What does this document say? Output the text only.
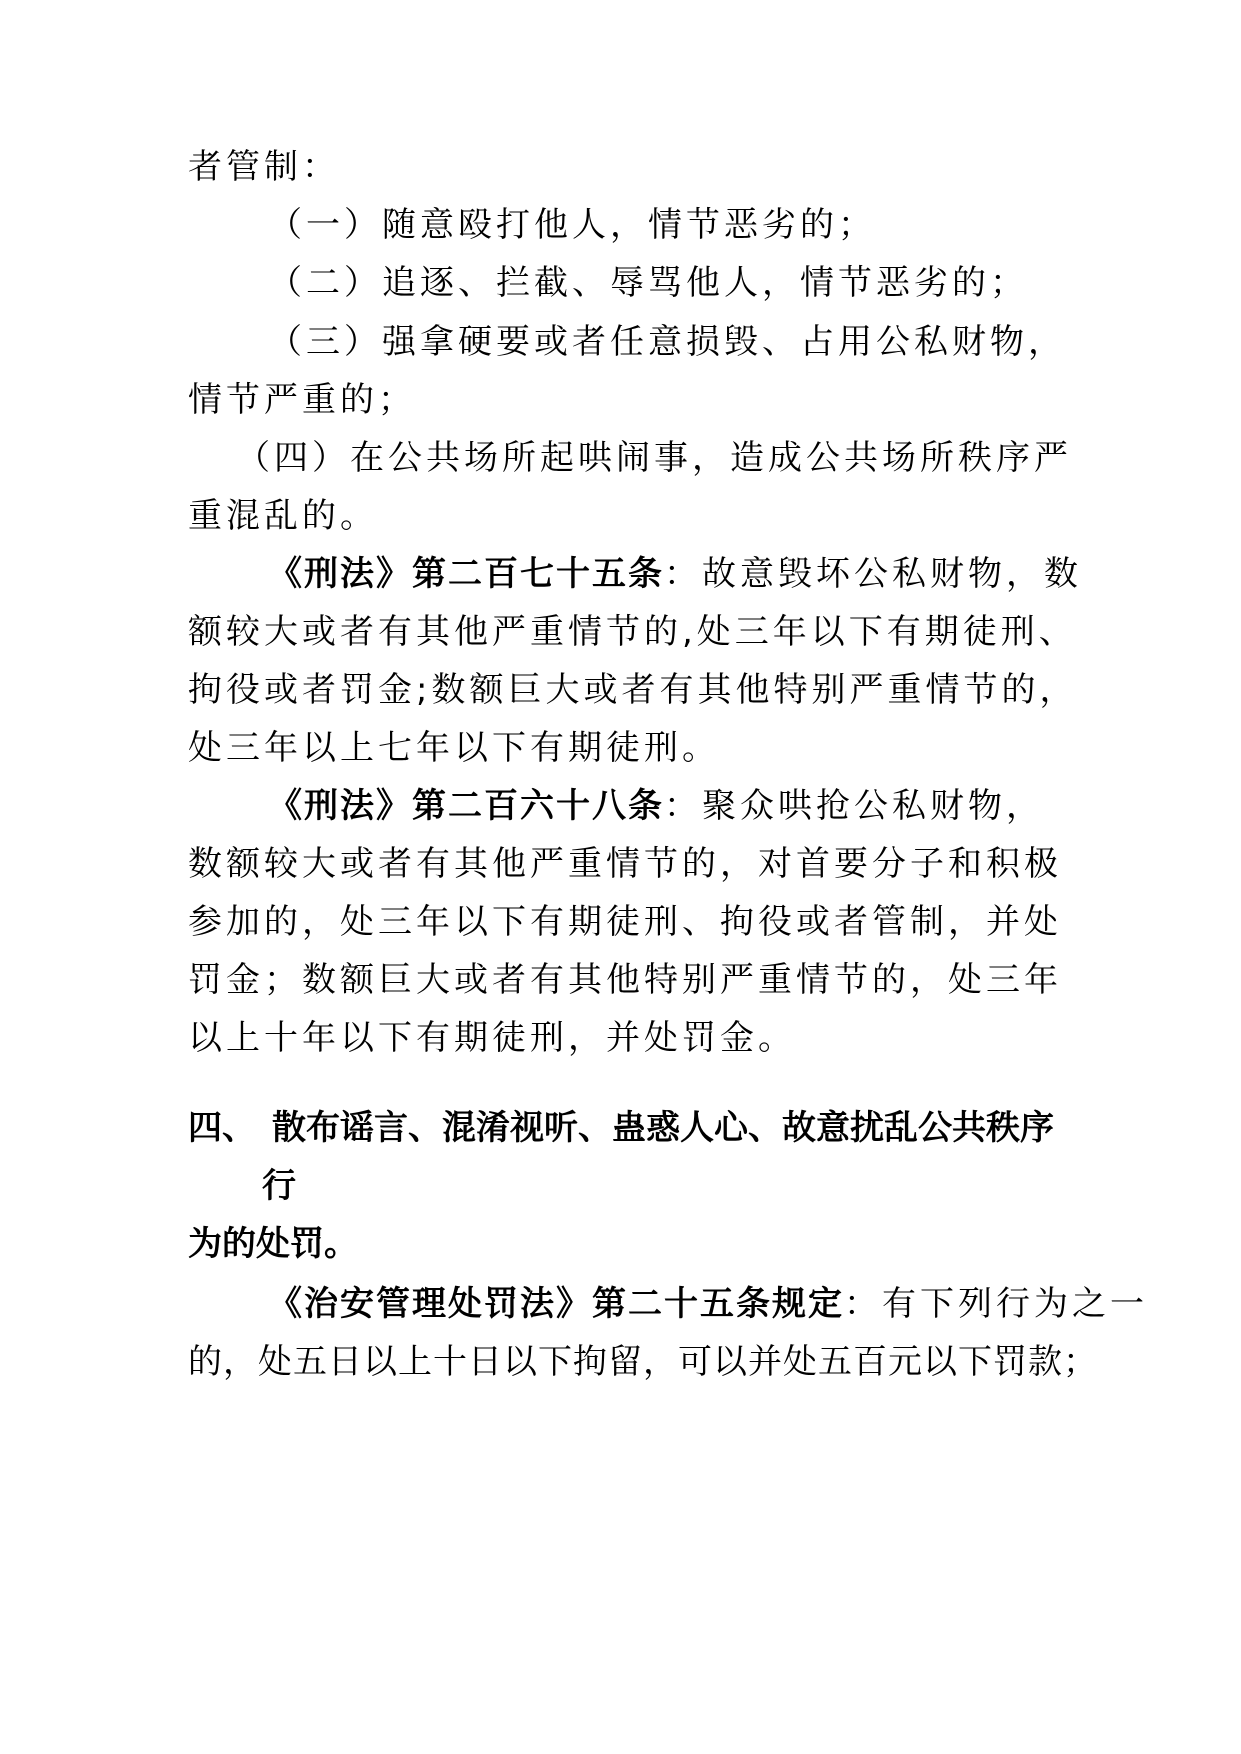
者管制：
（一）随意殴打他人，情节恶劣的；
（二）追逐、拦截、辱骂他人，情节恶劣的；
（三）强拿硬要或者任意损毁、占用公私财物，
情节严重的；
（四）在公共场所起哄闹事，造成公共场所秩序严
重混乱的。
《刑法》第二百七十五条：故意毁坏公私财物，数
额较大或者有其他严重情节的,处三年以下有期徒刑、
拘役或者罚金;数额巨大或者有其他特别严重情节的，
处三年以上七年以下有期徒刑。
《刑法》第二百六十八条：聚众哄抢公私财物，
数额较大或者有其他严重情节的，对首要分子和积极
参加的，处三年以下有期徒刑、拘役或者管制，并处
罚金；数额巨大或者有其他特别严重情节的，处三年
以上十年以下有期徒刑，并处罚金。
四、 散布谣言、混淆视听、蛊惑人心、故意扰乱公共秩序
行
为的处罚。
《治安管理处罚法》第二十五条规定：有下列行为之一
的，处五日以上十日以下拘留，可以并处五百元以下罚款；
